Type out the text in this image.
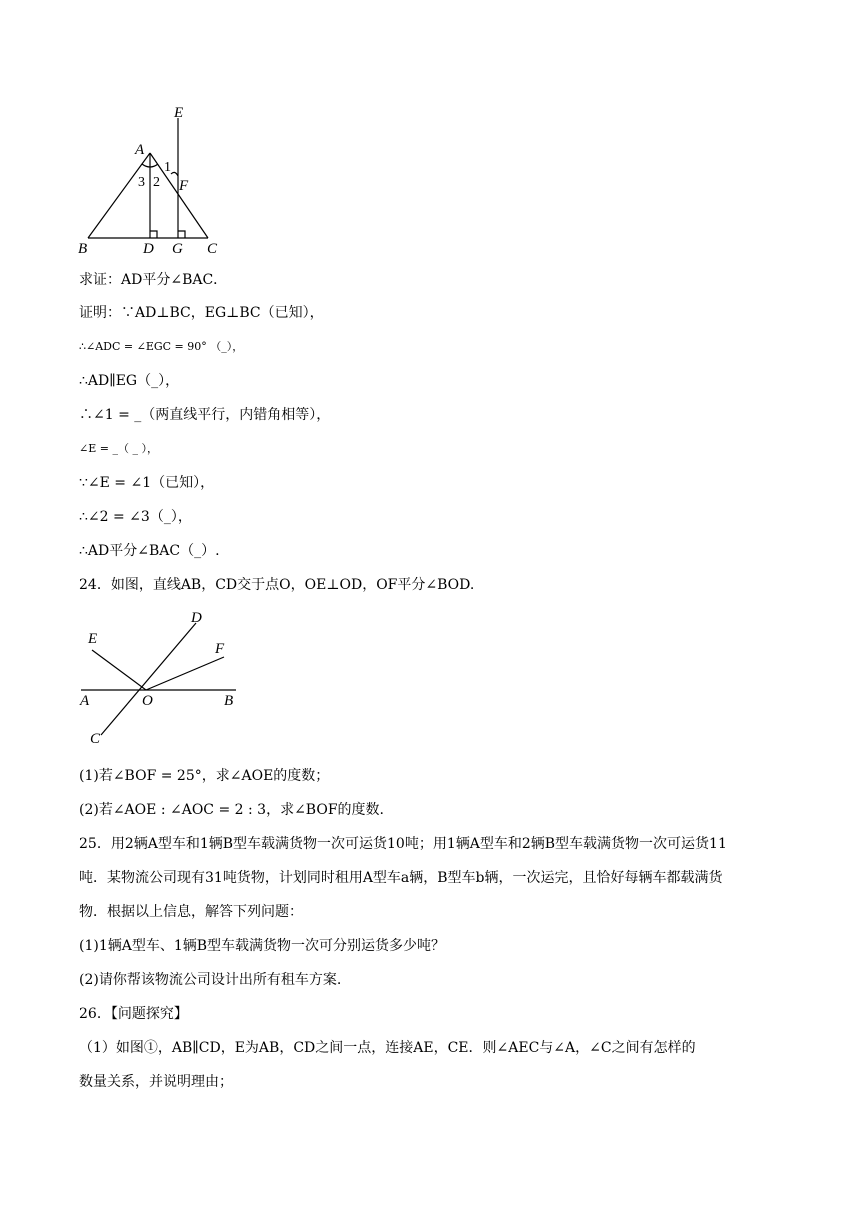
E
A
1
3 2 F
B	D G C
求证：AD平分∠BAC．
证明：∵AD⊥BC，EG⊥BC（已知），
∴∠ADC = ∠EGC = 90° （_），
∴AD∥EG（_），
∴∠1 = _（两直线平行，内错角相等），
∠E = _（ _ ），
∵∠E = ∠1（已知），
∴∠2 = ∠3（_），
∴AD平分∠BAC（_）.
24．如图，直线AB，CD交于点O，OE⊥OD，OF平分∠BOD.
D
E
F
A	O	B
C
(1)若∠BOF = 25°，求∠AOE的度数；
(2)若∠AOE : ∠AOC = 2 : 3，求∠BOF的度数.
25．用2辆A型车和1辆B型车载满货物一次可运货10吨；用1辆A型车和2辆B型车载满货物一次可运货11
吨．某物流公司现有31吨货物，计划同时租用A型车a辆，B型车b辆，一次运完，且恰好每辆车都载满货
物．根据以上信息，解答下列问题：
(1)1辆A型车、1辆B型车载满货物一次可分别运货多少吨？
(2)请你帮该物流公司设计出所有租车方案.
26．【问题探究】
（1）如图①，AB∥CD，E为AB，CD之间一点，连接AE，CE．则∠AEC与∠A，∠C之间有怎样的
数量关系，并说明理由；
